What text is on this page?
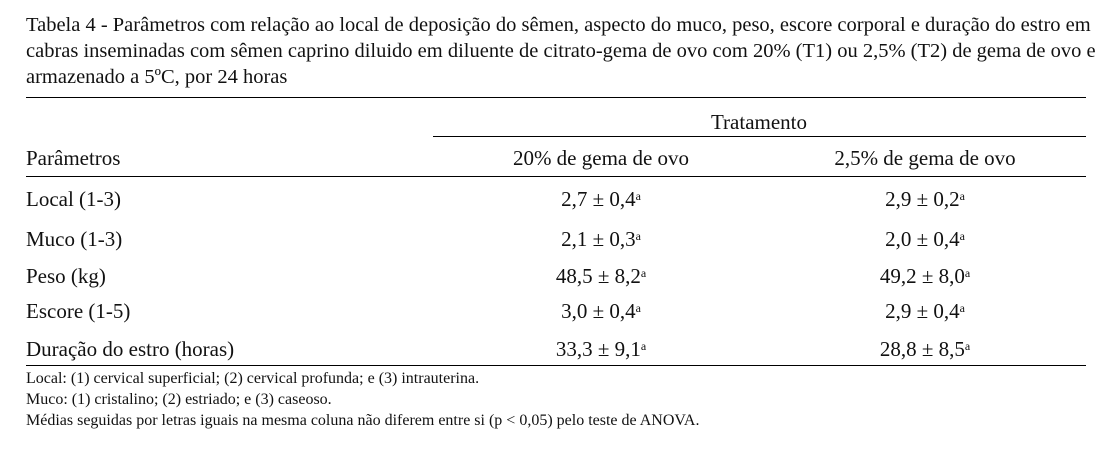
Tabela 4 - Parâmetros com relação ao local de deposição do sêmen, aspecto do muco, peso, escore corporal e duração do estro em cabras inseminadas com sêmen caprino diluido em diluente de citrato-gema de ovo com 20% (T1) ou 2,5% (T2) de gema de ovo e armazenado a 5ºC, por 24 horas
Tratamento
Parâmetros	20% de gema de ovo	2,5% de gema de ovo
Local (1-3)	2,7 ± 0,4$^a$	2,9 ± 0,2$^a$
Muco (1-3)	2,1 ± 0,3$^a$	2,0 ± 0,4$^a$
Peso (kg)	48,5 ± 8,2$^a$	49,2 ± 8,0$^a$
Escore (1-5)	3,0 ± 0,4$^a$	2,9 ± 0,4$^a$
Duração do estro (horas)	33,3 ± 9,1$^a$	28,8 ± 8,5$^a$
Local: (1) cervical superficial; (2) cervical profunda; e (3) intrauterina.
Muco: (1) cristalino; (2) estriado; e (3) caseoso.
Médias seguidas por letras iguais na mesma coluna não diferem entre si (p < 0,05) pelo teste de ANOVA.
